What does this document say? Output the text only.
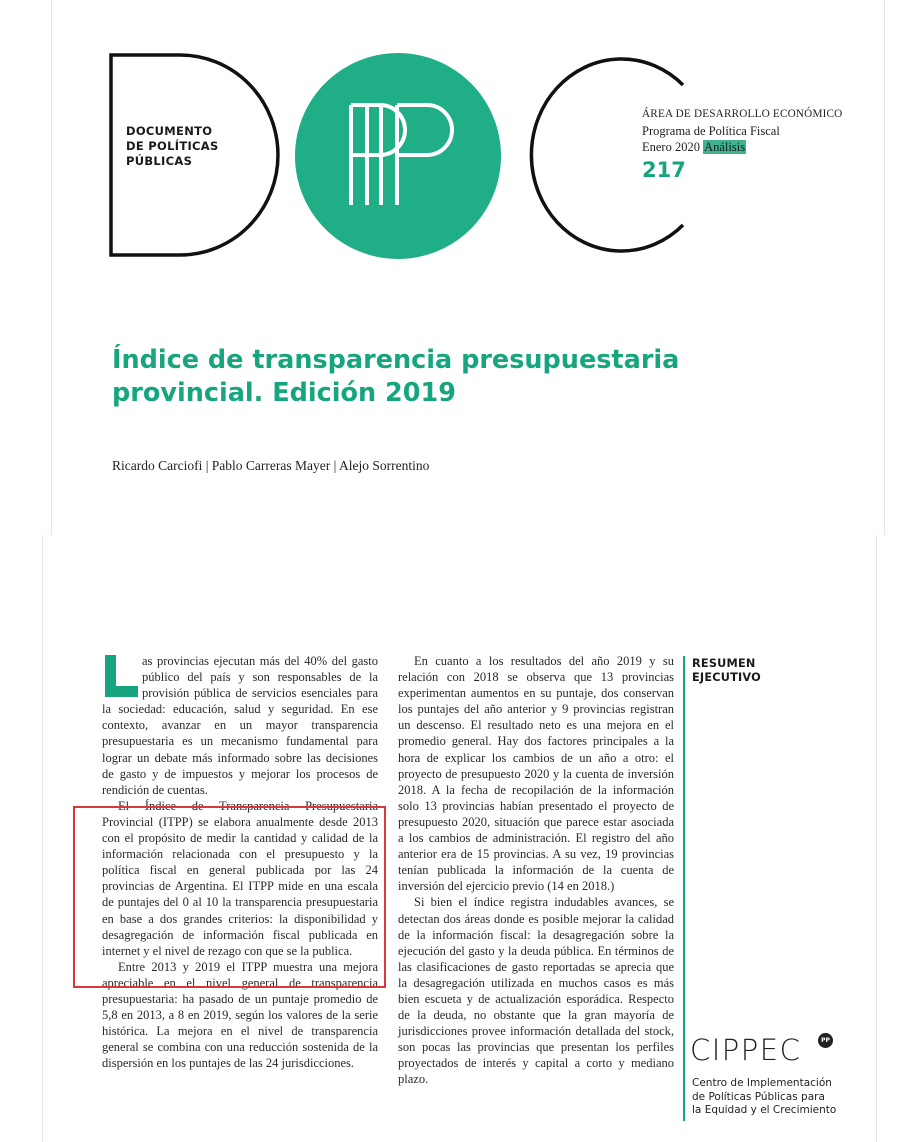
DOCUMENTO
DE POLÍTICAS
PÚBLICAS
ÁREA DE DESARROLLO ECONÓMICO
Programa de Política Fiscal
Enero 2020 Análisis
217
Índice de transparencia presupuestaria provincial. Edición 2019
Ricardo Carciofi | Pablo Carreras Mayer | Alejo Sorrentino

as provincias ejecutan más del 40% del gasto público del país y son responsables de la provisión pública de servicios esenciales para la sociedad: educación, salud y seguridad. En ese contexto, avanzar en un mayor transparencia presupuestaria es un mecanismo fundamental para lograr un debate más informado sobre las decisiones de gasto y de impuestos y mejorar los procesos de rendición de cuentas.

El Índice de Transparencia Presupuestaria Provincial (ITPP) se elabora anualmente desde 2013 con el propósito de medir la cantidad y calidad de la información relacionada con el presupuesto y la política fiscal en general publicada por las 24 provincias de Argentina. El ITPP mide en una escala de puntajes del 0 al 10 la transparencia presupuestaria en base a dos grandes criterios: la disponibilidad y desagregación de información fiscal publicada en internet y el nivel de rezago con que se la publica.

Entre 2013 y 2019 el ITPP muestra una mejora apreciable en el nivel general de transparencia presupuestaria: ha pasado de un puntaje promedio de 5,8 en 2013, a 8 en 2019, según los valores de la serie histórica. La mejora en el nivel de transparencia general se combina con una reducción sostenida de la dispersión en los puntajes de las 24 jurisdicciones.

En cuanto a los resultados del año 2019 y su relación con 2018 se observa que 13 provincias experimentan aumentos en su puntaje, dos conservan los puntajes del año anterior y 9 provincias registran un descenso. El resultado neto es una mejora en el promedio general. Hay dos factores principales a la hora de explicar los cambios de un año a otro: el proyecto de presupuesto 2020 y la cuenta de inversión 2018. A la fecha de recopilación de la información solo 13 provincias habían presentado el proyecto de presupuesto 2020, situación que parece estar asociada a los cambios de administración. El registro del año anterior era de 15 provincias. A su vez, 19 provincias tenían publicada la información de la cuenta de inversión del ejercicio previo (14 en 2018.)

Si bien el índice registra indudables avances, se detectan dos áreas donde es posible mejorar la calidad de la información fiscal: la desagregación sobre la ejecución del gasto y la deuda pública. En términos de las clasificaciones de gasto reportadas se aprecia que la desagregación utilizada en muchos casos es más bien escueta y de actualización esporádica. Respecto de la deuda, no obstante que la gran mayoría de jurisdicciones provee información detallada del stock, son pocas las provincias que presentan los perfiles proyectados de interés y capital a corto y mediano plazo.

RESUMEN
EJECUTIVO
CIPPEC	PP
Centro de Implementación
de Políticas Públicas para
la Equidad y el Crecimiento
